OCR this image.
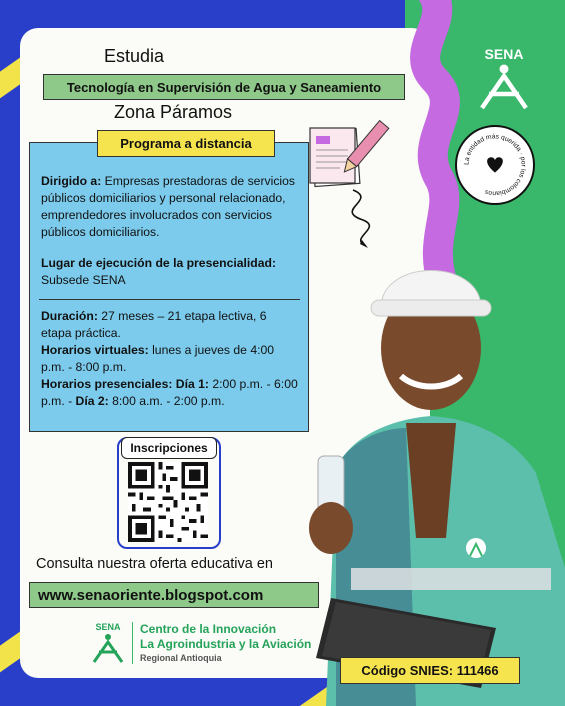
Estudia
Tecnología en Supervisión de Agua y Saneamiento
Zona Páramos
Programa a distancia
Dirigido a: Empresas prestadoras de servicios públicos domiciliarios y personal relacionado, emprendedores involucrados con servicios públicos domiciliarios.
Lugar de ejecución de la presencialidad:
Subsede SENA
Duración: 27 meses – 21 etapa lectiva, 6 etapa práctica.
Horarios virtuales: lunes a jueves de 4:00 p.m. - 8:00 p.m.
Horarios presenciales: Día 1: 2:00 p.m. - 6:00 p.m. - Día 2: 8:00 a.m. - 2:00 p.m.
Inscripciones
Consulta nuestra oferta educativa en
www.senaoriente.blogspot.com
SENA Centro de la Innovación
La Agroindustria y la Aviación
Regional Antioquia
SENA
La entidad más querida · por los colombianos
Código SNIES: 111466
